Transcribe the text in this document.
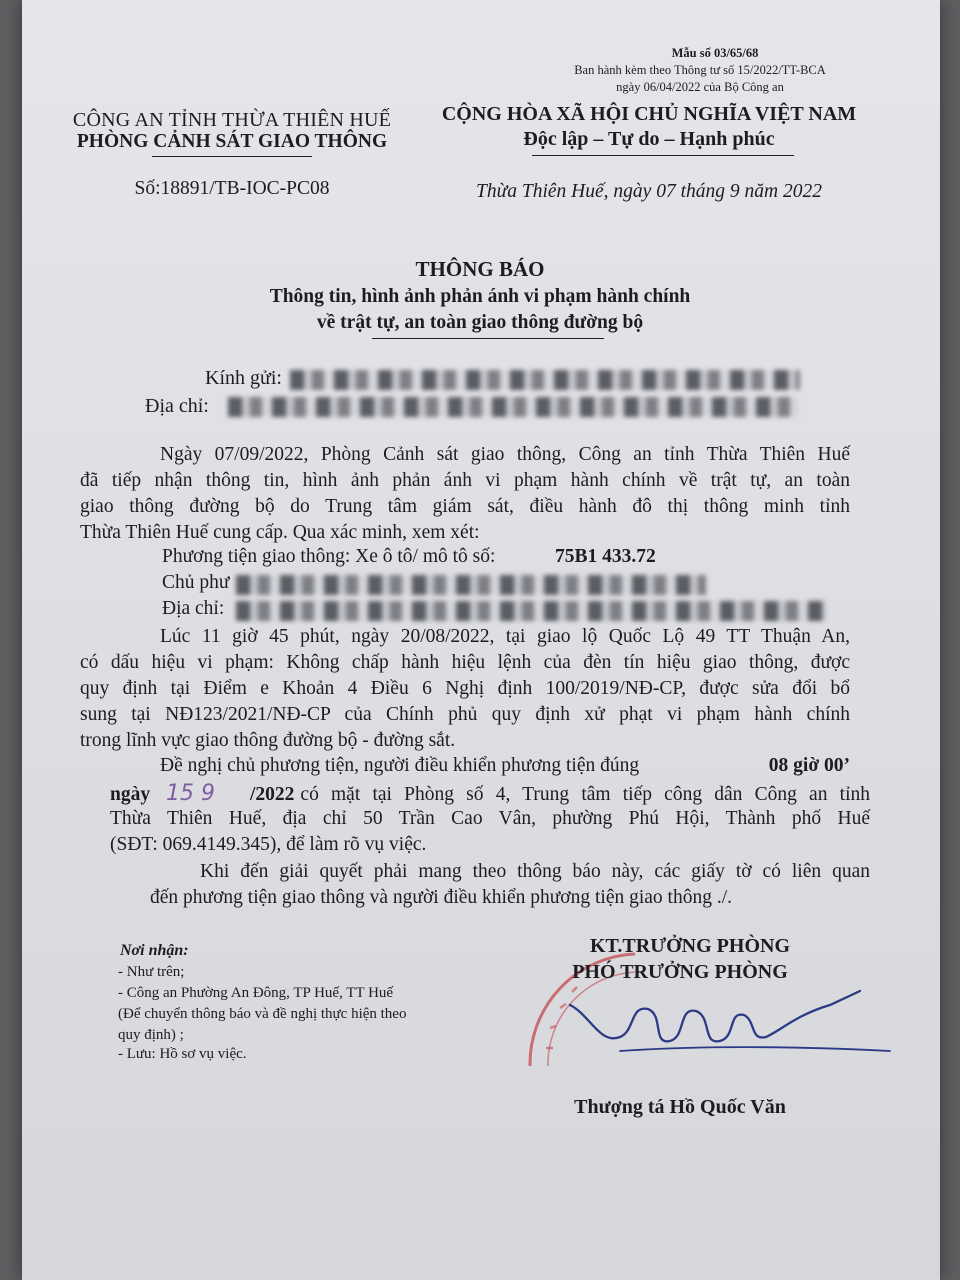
Mẫu số 03/65/68
Ban hành kèm theo Thông tư số 15/2022/TT-BCA
ngày 06/04/2022 của Bộ Công an
CÔNG AN TỈNH THỪA THIÊN HUẾ
PHÒNG CẢNH SÁT GIAO THÔNG
Số:18891/TB-IOC-PC08
CỘNG HÒA XÃ HỘI CHỦ NGHĨA VIỆT NAM
Độc lập – Tự do – Hạnh phúc
Thừa Thiên Huế, ngày 07 tháng 9 năm 2022
THÔNG BÁO
Thông tin, hình ảnh phản ánh vi phạm hành chính
về trật tự, an toàn giao thông đường bộ
Kính gửi:
Địa chỉ:
Ngày 07/09/2022, Phòng Cảnh sát giao thông, Công an tỉnh Thừa Thiên Huế
đã tiếp nhận thông tin, hình ảnh phản ánh vi phạm hành chính về trật tự, an toàn
giao thông đường bộ do Trung tâm giám sát, điều hành đô thị thông minh tỉnh
Thừa Thiên Huế cung cấp. Qua xác minh, xem xét:
Phương tiện giao thông: Xe ô tô/ mô tô số:	75B1 433.72
Chủ phư
Địa chỉ:
Lúc 11 giờ 45 phút, ngày 20/08/2022, tại giao lộ Quốc Lộ 49 TT Thuận An,
có dấu hiệu vi phạm: Không chấp hành hiệu lệnh của đèn tín hiệu giao thông, được
quy định tại Điểm e Khoản 4 Điều 6 Nghị định 100/2019/NĐ-CP, được sửa đổi bổ
sung tại NĐ123/2021/NĐ-CP của Chính phủ quy định xử phạt vi phạm hành chính
trong lĩnh vực giao thông đường bộ - đường sắt.
Đề nghị chủ phương tiện, người điều khiển phương tiện đúng	08 giờ 00’
ngày 15 9	/2022 có mặt tại Phòng số 4, Trung tâm tiếp công dân Công an tỉnh
Thừa Thiên Huế, địa chỉ 50 Trần Cao Vân, phường Phú Hội, Thành phố Huế
(SĐT: 069.4149.345), để làm rõ vụ việc.
Khi đến giải quyết phải mang theo thông báo này, các giấy tờ có liên quan
đến phương tiện giao thông và người điều khiển phương tiện giao thông ./.
Nơi nhận:
- Như trên;
- Công an Phường An Đông, TP Huế, TT Huế
(Để chuyển thông báo và đề nghị thực hiện theo
quy định) ;
- Lưu: Hồ sơ vụ việc.
KT.TRƯỞNG PHÒNG
PHÓ TRƯỞNG PHÒNG
Thượng tá Hồ Quốc Văn
